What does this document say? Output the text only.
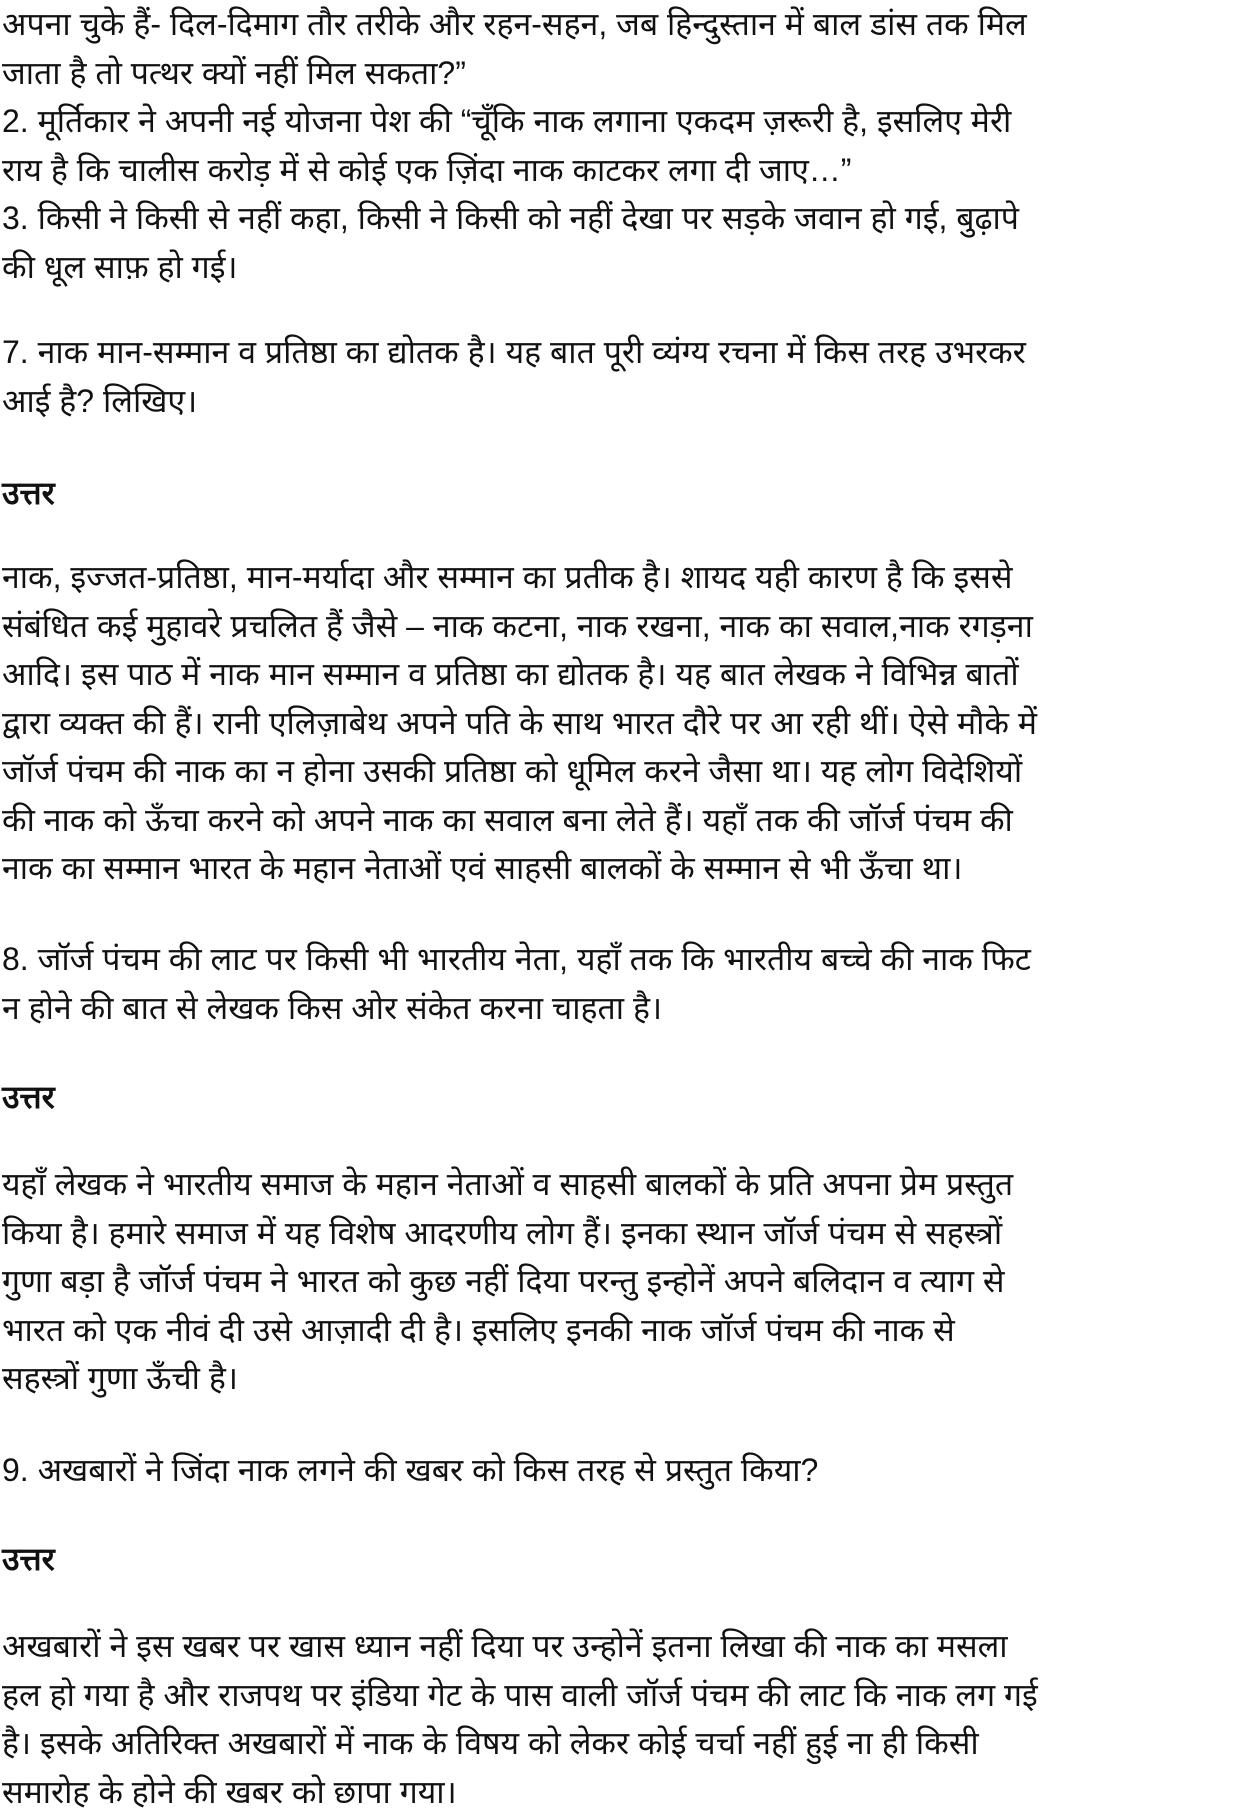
अपना चुके हैं- दिल-दिमाग तौर तरीके और रहन-सहन, जब हिन्दुस्तान में बाल डांस तक मिल
जाता है तो पत्थर क्यों नहीं मिल सकता?”
2. मूर्तिकार ने अपनी नई योजना पेश की “चूँकि नाक लगाना एकदम ज़रूरी है, इसलिए मेरी
राय है कि चालीस करोड़ में से कोई एक ज़िंदा नाक काटकर लगा दी जाए…”
3. किसी ने किसी से नहीं कहा, किसी ने किसी को नहीं देखा पर सड़के जवान हो गई, बुढ़ापे
की धूल साफ़ हो गई।
7. नाक मान-सम्मान व प्रतिष्ठा का द्योतक है। यह बात पूरी व्यंग्य रचना में किस तरह उभरकर
आई है? लिखिए।
उत्तर
नाक, इज्जत-प्रतिष्ठा, मान-मर्यादा और सम्मान का प्रतीक है। शायद यही कारण है कि इससे
संबंधित कई मुहावरे प्रचलित हैं जैसे – नाक कटना, नाक रखना, नाक का सवाल,नाक रगड़ना
आदि। इस पाठ में नाक मान सम्मान व प्रतिष्ठा का द्योतक है। यह बात लेखक ने विभिन्न बातों
द्वारा व्यक्त की हैं। रानी एलिज़ाबेथ अपने पति के साथ भारत दौरे पर आ रही थीं। ऐसे मौके में
जॉर्ज पंचम की नाक का न होना उसकी प्रतिष्ठा को धूमिल करने जैसा था। यह लोग विदेशियों
की नाक को ऊँचा करने को अपने नाक का सवाल बना लेते हैं। यहाँ तक की जॉर्ज पंचम की
नाक का सम्मान भारत के महान नेताओं एवं साहसी बालकों के सम्मान से भी ऊँचा था।
8. जॉर्ज पंचम की लाट पर किसी भी भारतीय नेता, यहाँ तक कि भारतीय बच्चे की नाक फिट
न होने की बात से लेखक किस ओर संकेत करना चाहता है।
उत्तर
यहाँ लेखक ने भारतीय समाज के महान नेताओं व साहसी बालकों के प्रति अपना प्रेम प्रस्तुत
किया है। हमारे समाज में यह विशेष आदरणीय लोग हैं। इनका स्थान जॉर्ज पंचम से सहस्त्रों
गुणा बड़ा है जॉर्ज पंचम ने भारत को कुछ नहीं दिया परन्तु इन्होनें अपने बलिदान व त्याग से
भारत को एक नीवं दी उसे आज़ादी दी है। इसलिए इनकी नाक जॉर्ज पंचम की नाक से
सहस्त्रों गुणा ऊँची है।
9. अखबारों ने जिंदा नाक लगने की खबर को किस तरह से प्रस्तुत किया?
उत्तर
अखबारों ने इस खबर पर खास ध्यान नहीं दिया पर उन्होनें इतना लिखा की नाक का मसला
हल हो गया है और राजपथ पर इंडिया गेट के पास वाली जॉर्ज पंचम की लाट कि नाक लग गई
है। इसके अतिरिक्त अखबारों में नाक के विषय को लेकर कोई चर्चा नहीं हुई ना ही किसी
समारोह के होने की खबर को छापा गया।
